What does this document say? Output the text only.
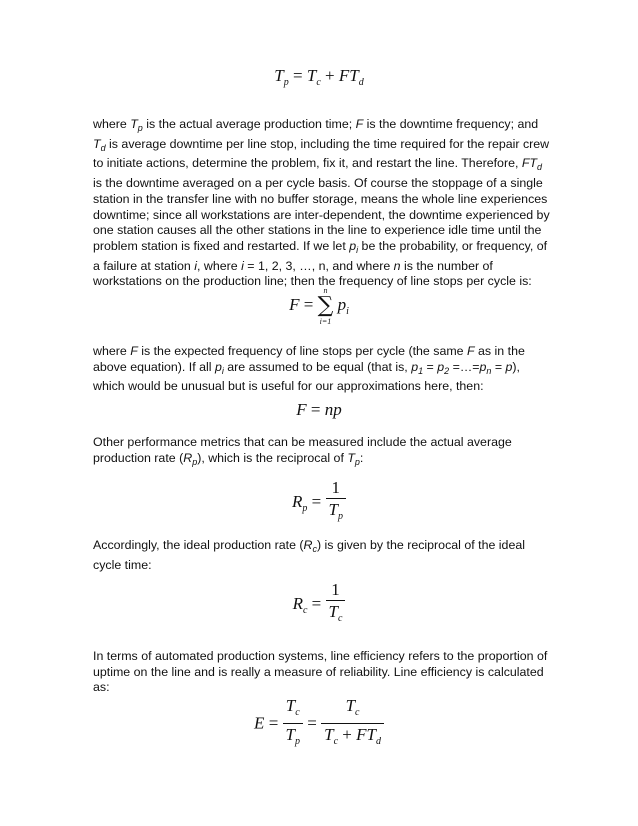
$T_p = T_c + FT_d$
where $T_p$ is the actual average production time; F is the downtime frequency; and $T_d$ is average downtime per line stop, including the time required for the repair crew to initiate actions, determine the problem, fix it, and restart the line. Therefore, $FT_d$ is the downtime averaged on a per cycle basis. Of course the stoppage of a single station in the transfer line with no buffer storage, means the whole line experiences downtime; since all workstations are inter-dependent, the downtime experienced by one station causes all the other stations in the line to experience idle time until the problem station is fixed and restarted. If we let $p_i$ be the probability, or frequency, of a failure at station i, where i = 1, 2, 3, …, n, and where n is the number of workstations on the production line; then the frequency of line stops per cycle is:
F =
n
∑
i=1
$p_i$
where F is the expected frequency of line stops per cycle (the same F as in the above equation). If all $p_i$ are assumed to be equal (that is, $p_1 = p_2$ $=\dots=p_n = p$), which would be unusual but is useful for our approximations here, then:
F = np
Other performance metrics that can be measured include the actual average production rate $(R_p)$, which is the reciprocal of $T_p$:
$R_p = \frac{1}{T_p}$
Accordingly, the ideal production rate $(R_c)$ is given by the reciprocal of the ideal cycle time:
$R_c = \frac{1}{T_c}$
In terms of automated production systems, line efficiency refers to the proportion of uptime on the line and is really a measure of reliability. Line efficiency is calculated as:
$E = \frac{T_c}{T_p} = \frac{T_c}{T_c + FT_d}$
